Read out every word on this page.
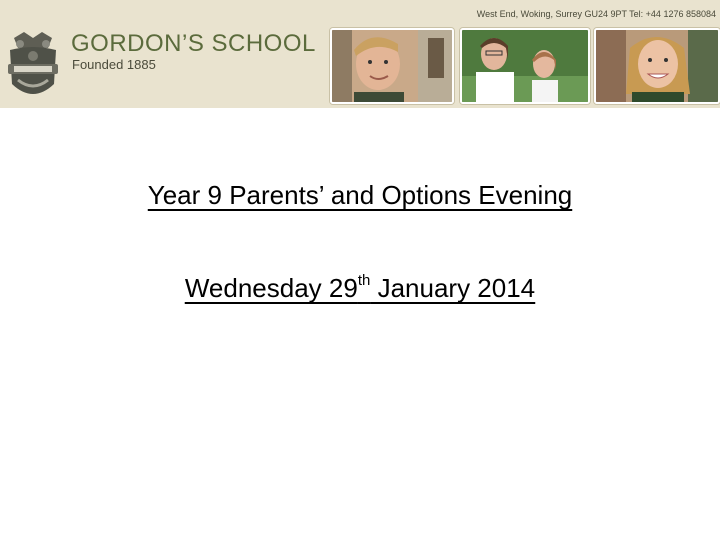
West End, Woking, Surrey GU24 9PT Tel: +44 1276 858084
GORDON’S SCHOOL
Founded 1885
Year 9 Parents’ and Options Evening
Wednesday 29th January 2014
